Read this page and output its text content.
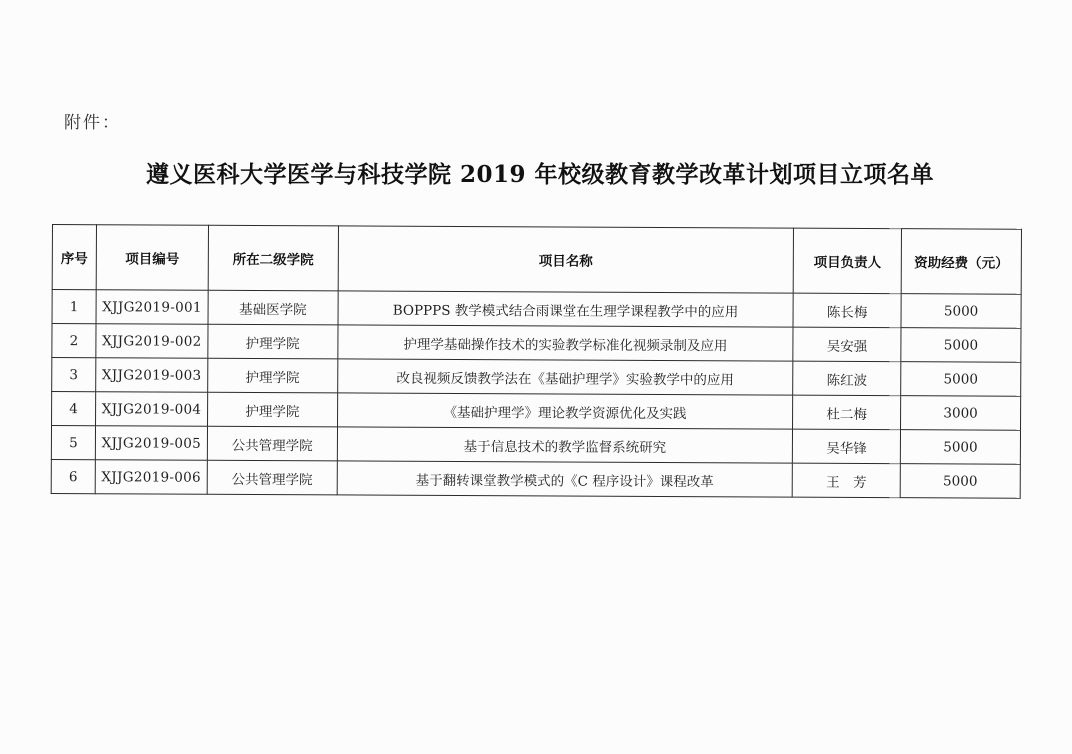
附件：
遵义医科大学医学与科技学院 2019 年校级教育教学改革计划项目立项名单
序号	项目编号	所在二级学院	项目名称	项目负责人	资助经费（元）
1	XJJG2019-001	基础医学院	BOPPPS 教学模式结合雨课堂在生理学课程教学中的应用	陈长梅	5000
2	XJJG2019-002	护理学院	护理学基础操作技术的实验教学标准化视频录制及应用	吴安强	5000
3	XJJG2019-003	护理学院	改良视频反馈教学法在《基础护理学》实验教学中的应用	陈红波	5000
4	XJJG2019-004	护理学院	《基础护理学》理论教学资源优化及实践	杜二梅	3000
5	XJJG2019-005	公共管理学院	基于信息技术的教学监督系统研究	吴华锋	5000
6	XJJG2019-006	公共管理学院	基于翻转课堂教学模式的《C 程序设计》课程改革	王　芳	5000
